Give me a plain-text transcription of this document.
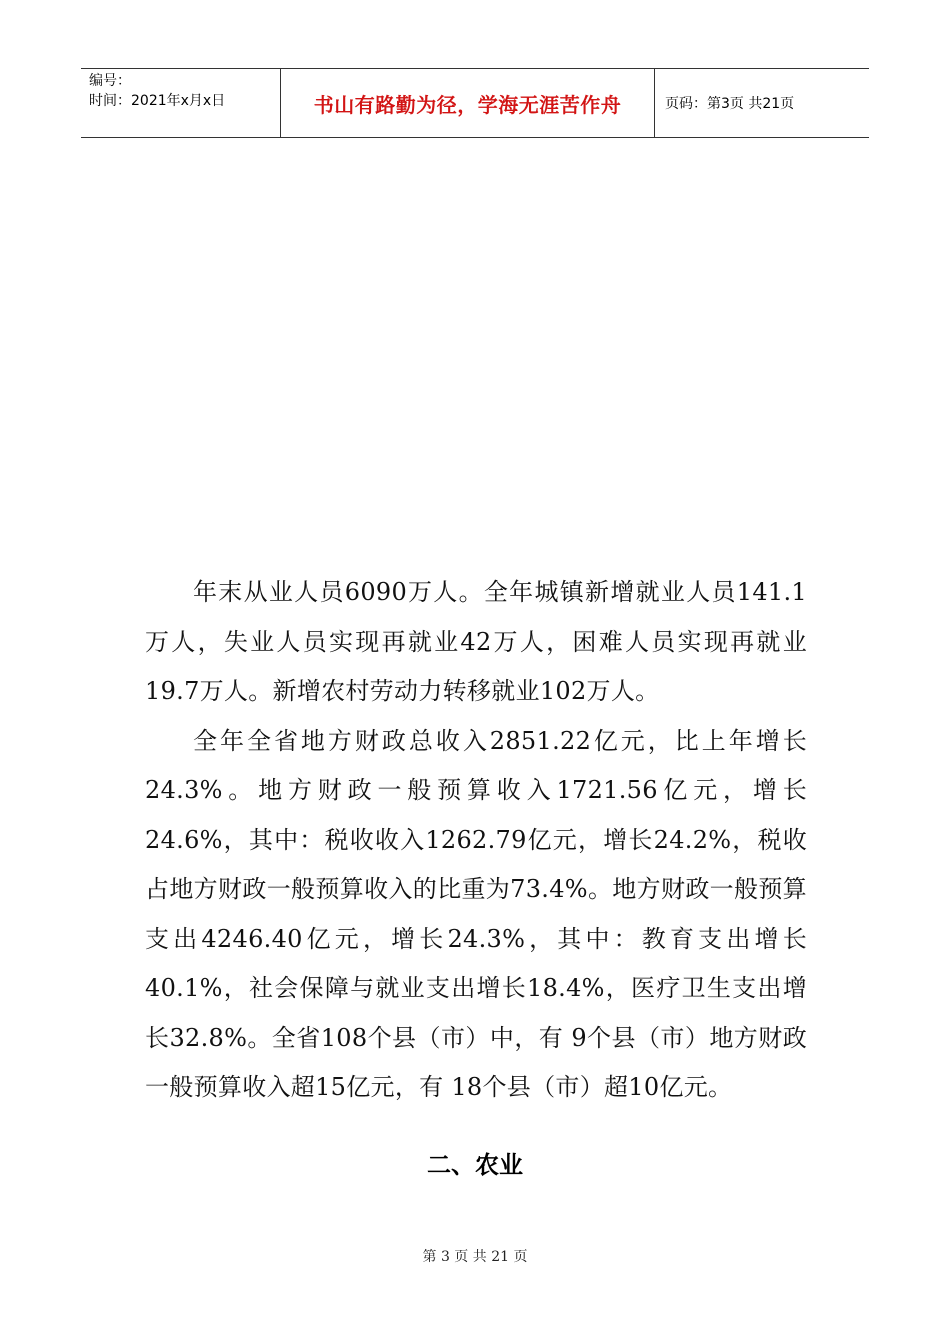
编号：
时间：2021年x月x日	书山有路勤为径，学海无涯苦作舟	页码：第3页 共21页

年末从业人员6090万人。全年城镇新增就业人员141.1万人，失业人员实现再就业42万人，困难人员实现再就业19.7万人。新增农村劳动力转移就业102万人。

全年全省地方财政总收入2851.22亿元，比上年增长24.3%。地方财政一般预算收入1721.56亿元，增长24.6%，其中：税收收入1262.79亿元，增长24.2%，税收占地方财政一般预算收入的比重为73.4%。地方财政一般预算支出4246.40亿元，增长24.3%，其中：教育支出增长40.1%，社会保障与就业支出增长18.4%，医疗卫生支出增长32.8%。全省108个县（市）中，有 9个县（市）地方财政一般预算收入超15亿元，有 18个县（市）超10亿元。

二、农业
第 3 页 共 21 页
